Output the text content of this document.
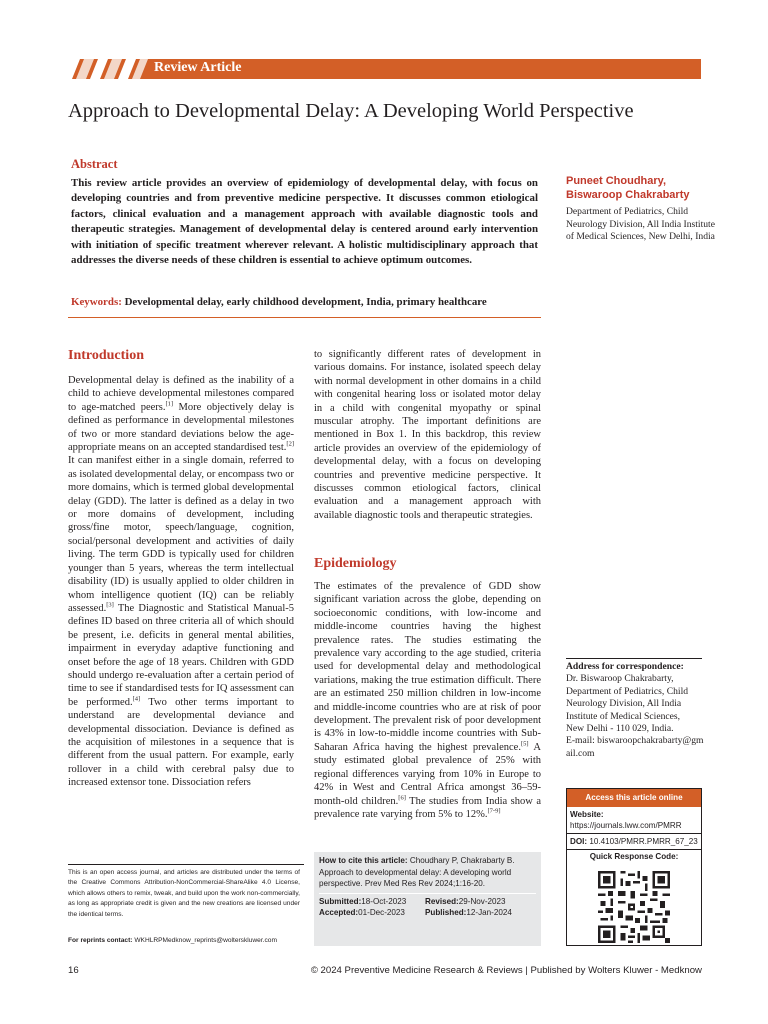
Review Article
Approach to Developmental Delay: A Developing World Perspective
Abstract
This review article provides an overview of epidemiology of developmental delay, with focus on developing countries and from preventive medicine perspective. It discusses common etiological factors, clinical evaluation and a management approach with available diagnostic tools and therapeutic strategies. Management of developmental delay is centered around early intervention with initiation of specific treatment wherever relevant. A holistic multidisciplinary approach that addresses the diverse needs of these children is essential to achieve optimum outcomes.
Keywords: Developmental delay, early childhood development, India, primary healthcare
Puneet Choudhary,
Biswaroop Chakrabarty
Department of Pediatrics, Child Neurology Division, All India Institute of Medical Sciences, New Delhi, India
Introduction
Developmental delay is defined as the inability of a child to achieve developmental milestones compared to age-matched peers.[1] More objectively delay is defined as performance in developmental milestones of two or more standard deviations below the age-appropriate means on an accepted standardised test.[2] It can manifest either in a single domain, referred to as isolated developmental delay, or encompass two or more domains, which is termed global developmental delay (GDD). The latter is defined as a delay in two or more domains of development, including gross/fine motor, speech/language, cognition, social/personal development and activities of daily living. The term GDD is typically used for children younger than 5 years, whereas the term intellectual disability (ID) is usually applied to older children in whom intelligence quotient (IQ) can be reliably assessed.[3] The Diagnostic and Statistical Manual-5 defines ID based on three criteria all of which should be present, i.e. deficits in general mental abilities, impairment in everyday adaptive functioning and onset before the age of 18 years. Children with GDD should undergo re-evaluation after a certain period of time to see if standardised tests for IQ assessment can be performed.[4] Two other terms important to understand are developmental deviance and developmental dissociation. Deviance is defined as the acquisition of milestones in a sequence that is different from the usual pattern. For example, early rollover in a child with cerebral palsy due to increased extensor tone. Dissociation refers
to significantly different rates of development in various domains. For instance, isolated speech delay with normal development in other domains in a child with congenital hearing loss or isolated motor delay in a child with congenital myopathy or spinal muscular atrophy. The important definitions are mentioned in Box 1. In this backdrop, this review article provides an overview of the epidemiology of developmental delay, with a focus on developing countries and preventive medicine perspective. It discusses common etiological factors, clinical evaluation and a management approach with available diagnostic tools and therapeutic strategies.
Epidemiology
The estimates of the prevalence of GDD show significant variation across the globe, depending on socioeconomic conditions, with low-income and middle-income countries having the highest prevalence rates. The studies estimating the prevalence vary according to the age studied, criteria used for developmental delay and methodological variations, making the true estimation difficult. There are an estimated 250 million children in low-income and middle-income countries who are at risk of poor development. The prevalent risk of poor development is 43% in low-to-middle income countries with Sub-Saharan Africa having the highest prevalence.[5] A study estimated global prevalence of 25% with regional differences varying from 10% in Europe to 42% in West and Central Africa amongst 36–59-month-old children.[6] The studies from India show a prevalence rate varying from 5% to 12%.[7-9]
This is an open access journal, and articles are distributed under the terms of the Creative Commons Attribution-NonCommercial-ShareAlike 4.0 License, which allows others to remix, tweak, and build upon the work non-commercially, as long as appropriate credit is given and the new creations are licensed under the identical terms.
For reprints contact: WKHLRPMedknow_reprints@wolterskluwer.com
How to cite this article: Choudhary P, Chakrabarty B. Approach to developmental delay: A developing world perspective. Prev Med Res Rev 2024;1:16-20.
Submitted:18-Oct-2023 Revised:29-Nov-2023
Accepted:01-Dec-2023 Published:12-Jan-2024
Address for correspondence:
Dr. Biswaroop Chakrabarty,
Department of Pediatrics, Child Neurology Division, All India Institute of Medical Sciences,
New Delhi - 110 029, India.
E-mail: biswaroopchakrabarty@gmail.com
Access this article online
Website: https://journals.lww.com/PMRR
DOI: 10.4103/PMRR.PMRR_67_23
Quick Response Code:
16	© 2024 Preventive Medicine Research & Reviews | Published by Wolters Kluwer - Medknow
